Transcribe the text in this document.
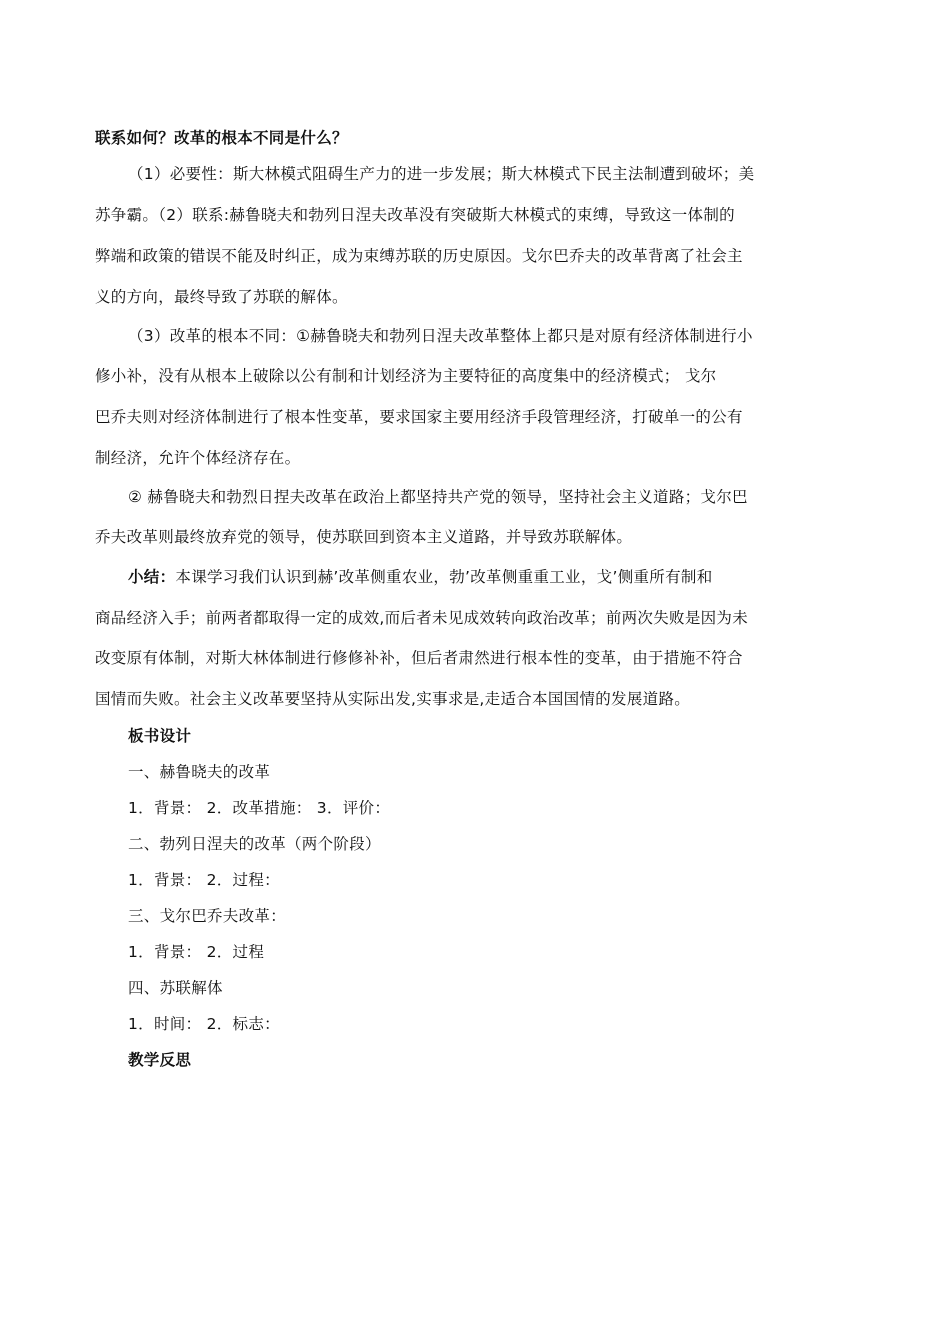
联系如何？改革的根本不同是什么？
（1）必要性：斯大林模式阻碍生产力的进一步发展；斯大林模式下民主法制遭到破坏；美
苏争霸。（2）联系:赫鲁晓夫和勃列日涅夫改革没有突破斯大林模式的束缚，导致这一体制的
弊端和政策的错误不能及时纠正，成为束缚苏联的历史原因。戈尔巴乔夫的改革背离了社会主
义的方向，最终导致了苏联的解体。
（3）改革的根本不同：①赫鲁晓夫和勃列日涅夫改革整体上都只是对原有经济体制进行小
修小补，没有从根本上破除以公有制和计划经济为主要特征的高度集中的经济模式； 戈尔
巴乔夫则对经济体制进行了根本性变革，要求国家主要用经济手段管理经济，打破单一的公有
制经济，允许个体经济存在。
② 赫鲁晓夫和勃烈日捏夫改革在政治上都坚持共产党的领导，坚持社会主义道路；戈尔巴
乔夫改革则最终放弃党的领导，使苏联回到资本主义道路，并导致苏联解体。
小结：本课学习我们认识到赫’改革侧重农业，勃’改革侧重重工业，戈’侧重所有制和
商品经济入手；前两者都取得一定的成效,而后者未见成效转向政治改革；前两次失败是因为未
改变原有体制，对斯大林体制进行修修补补，但后者肃然进行根本性的变革，由于措施不符合
国情而失败。社会主义改革要坚持从实际出发,实事求是,走适合本国国情的发展道路。
板书设计
一、赫鲁晓夫的改革
1．背景： 2．改革措施： 3．评价：
二、勃列日涅夫的改革（两个阶段）
1．背景： 2．过程：
三、戈尔巴乔夫改革：
1．背景： 2．过程
四、苏联解体
1．时间： 2．标志：
教学反思
